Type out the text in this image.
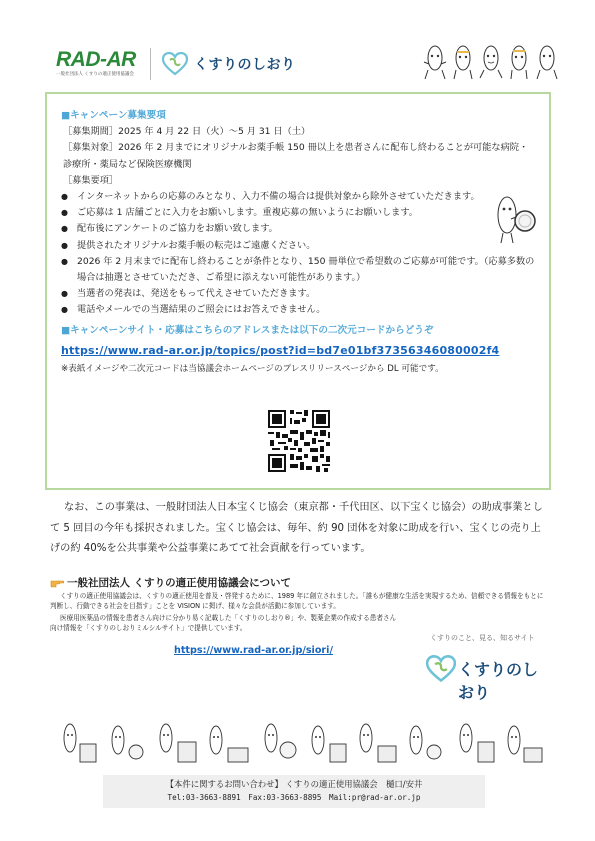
RAD-AR
一般社団法人 くすりの適正使用協議会
くすりのしおり
■キャンペーン募集要項
［募集期間］2025 年 4 月 22 日（火）～5 月 31 日（土）
［募集対象］2026 年 2 月までにオリジナルお薬手帳 150 冊以上を患者さんに配布し終わることが可能な病院・
診療所・薬局など保険医療機関
［募集要項］
● インターネットからの応募のみとなり、入力不備の場合は提供対象から除外させていただきます。
● ご応募は 1 店舗ごとに入力をお願いします。重複応募の無いようにお願いします。
● 配布後にアンケートのご協力をお願い致します。
● 提供されたオリジナルお薬手帳の転売はご遠慮ください。
● 2026 年 2 月末までに配布し終わることが条件となり、150 冊単位で希望数のご応募が可能です。（応募多数の場合は抽選とさせていただき、ご希望に添えない可能性があります。）
● 当選者の発表は、発送をもって代えさせていただきます。
● 電話やメールでの当選結果のご照会にはお答えできません。
■キャンペーンサイト・応募はこちらのアドレスまたは以下の二次元コードからどうぞ
https://www.rad-ar.or.jp/topics/post?id=bd7e01bf37356346080002f4
※表紙イメージや二次元コードは当協議会ホームページのプレスリリースページから DL 可能です。

なお、この事業は、一般財団法人日本宝くじ協会（東京都・千代田区、以下宝くじ協会）の助成事業として 5 回目の今年も採択されました。宝くじ協会は、毎年、約 90 団体を対象に助成を行い、宝くじの売り上げの約 40%を公共事業や公益事業にあてて社会貢献を行っています。

一般社団法人 くすりの適正使用協議会について

くすりの適正使用協議会は、くすりの適正使用を普及・啓発するために、1989 年に創立されました。「誰もが健康な生活を実現するため、信頼できる情報をもとに判断し、行動できる社会を目指す」ことを VISION に掲げ、様々な会員が活動に参加しています。

医療用医薬品の情報を患者さん向けに分かり易く記載した「くすりのしおり®」や、製薬企業の作成する患者さん向け情報を「くすりのしおりミルシルサイト」で提供しています。

https://www.rad-ar.or.jp/siori/
くすりのこと、見る、知るサイト
くすりのしおり
【本件に関するお問い合わせ】 くすりの適正使用協議会　樋口/安井
Tel:03-3663-8891　Fax:03-3663-8895　Mail:pr@rad-ar.or.jp
